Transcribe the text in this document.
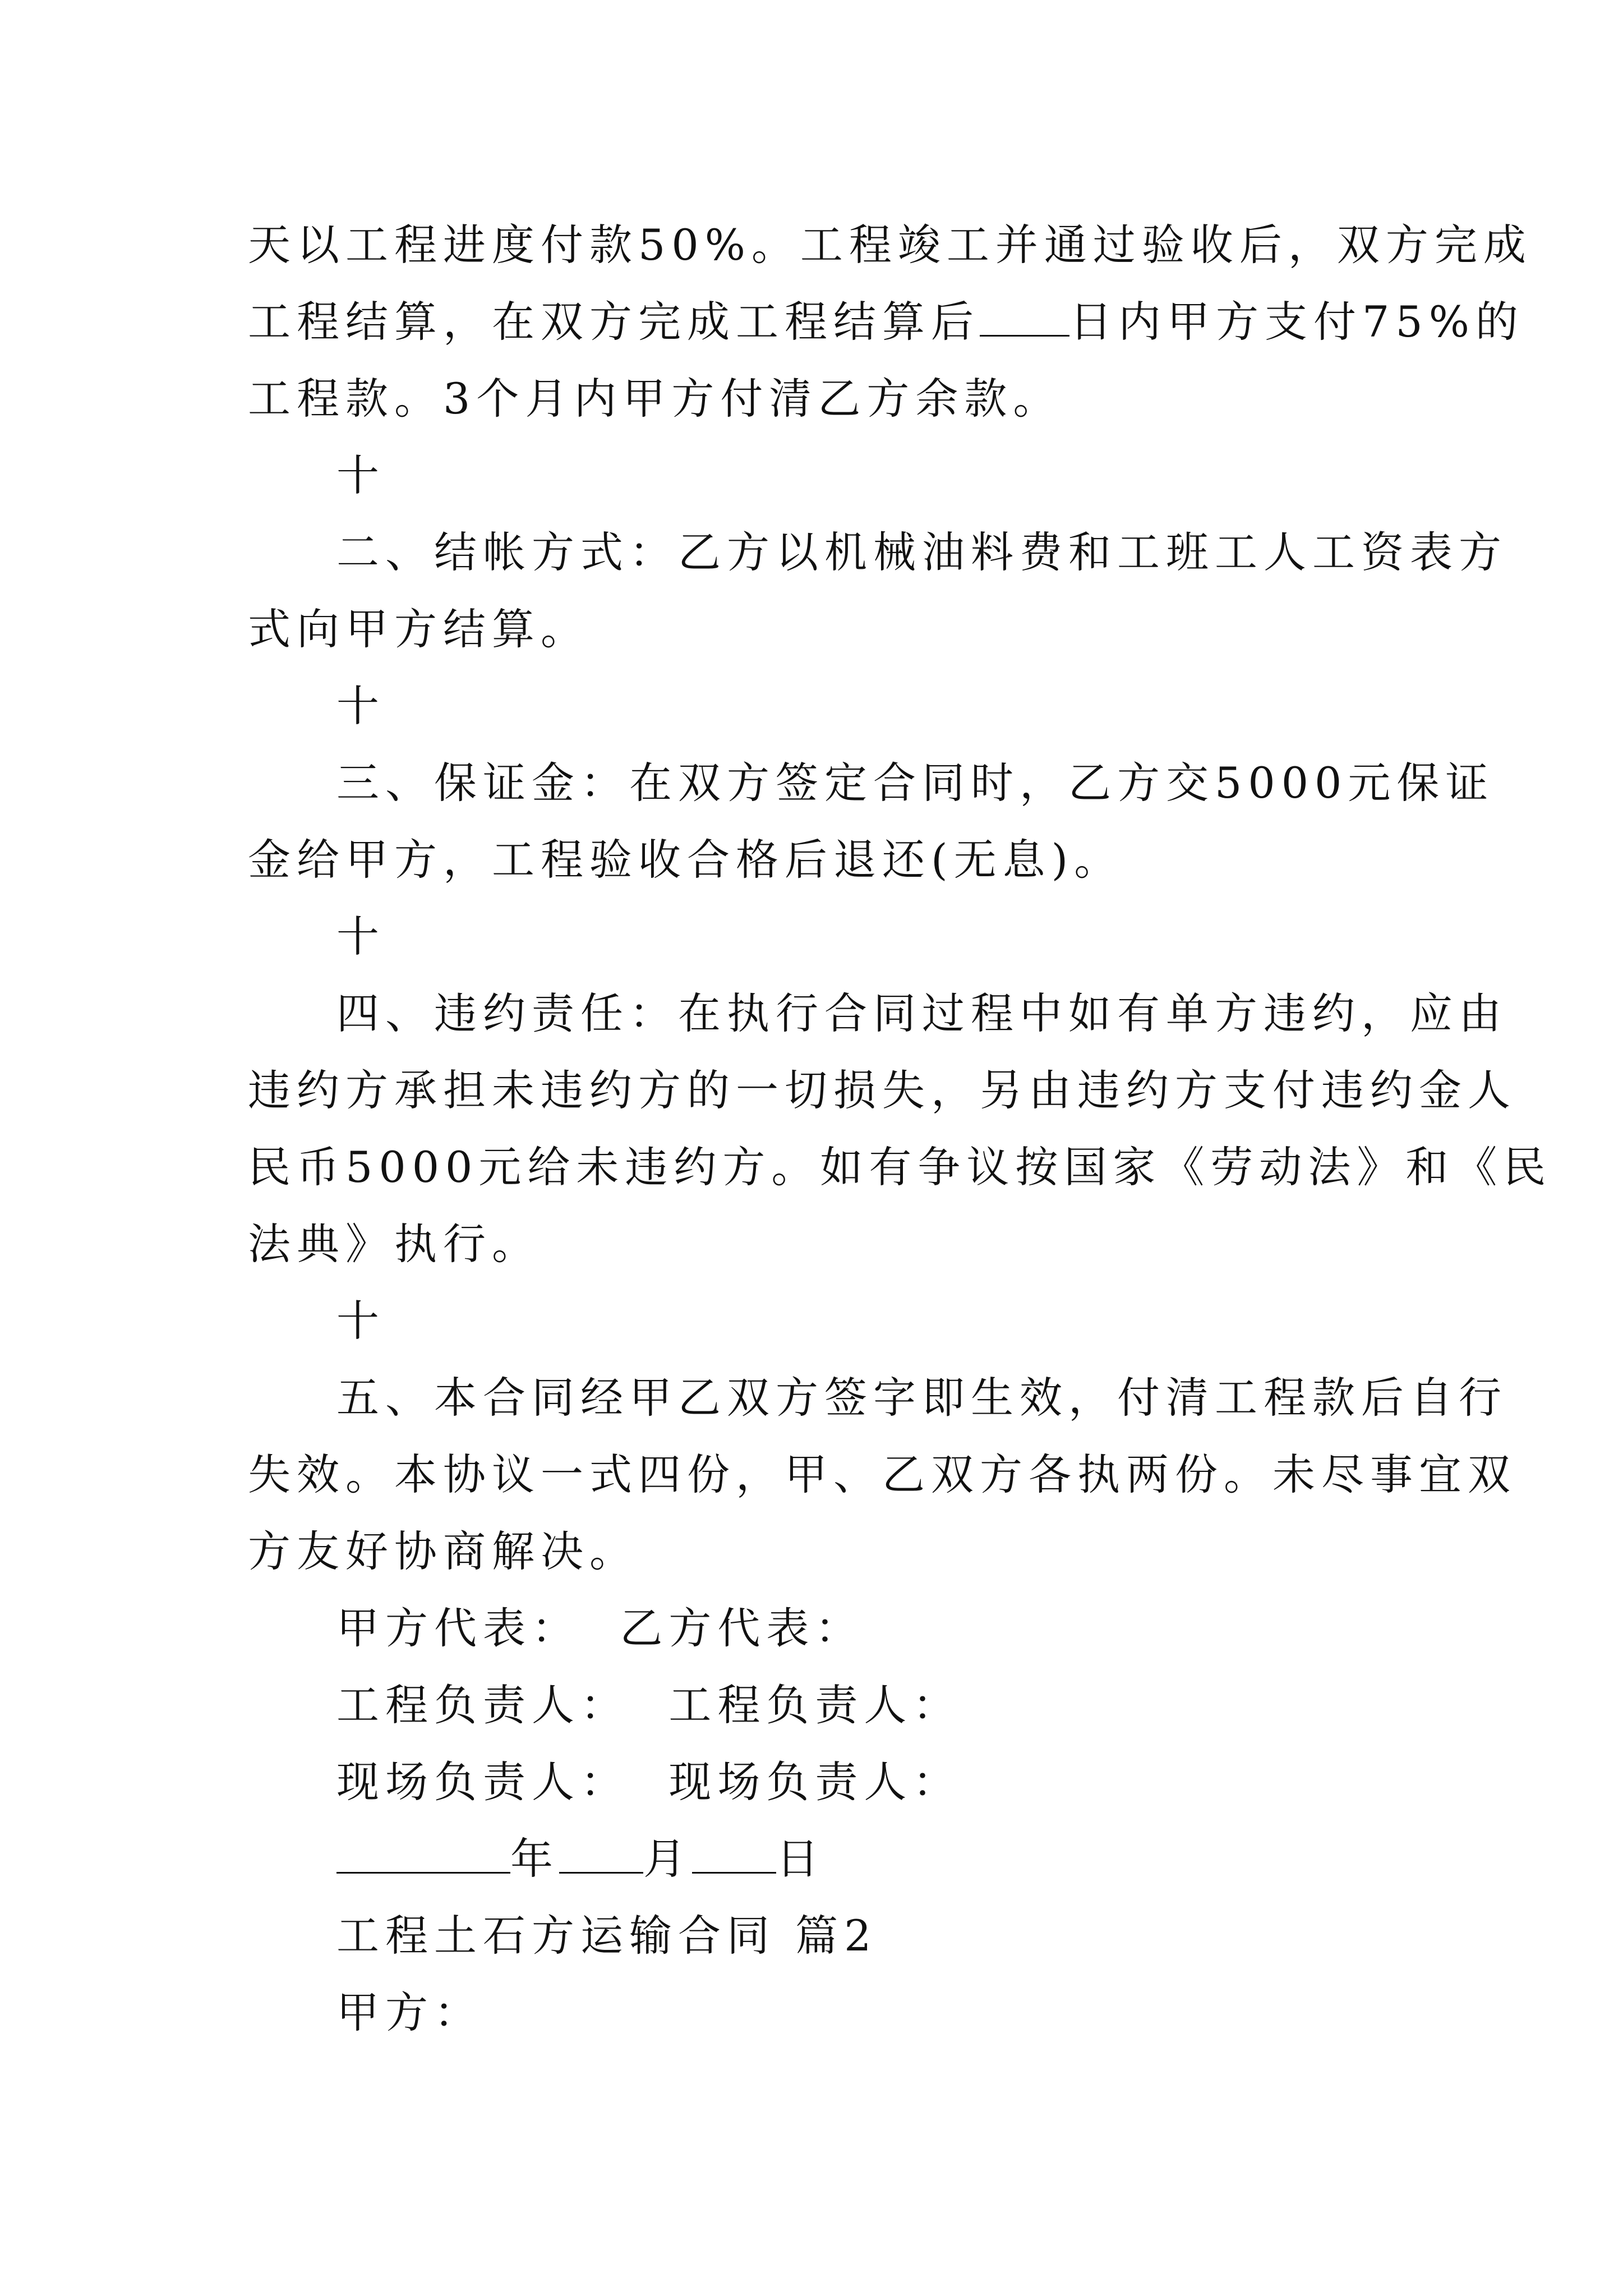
天以工程进度付款50%。工程竣工并通过验收后，双方完成
工程结算，在双方完成工程结算后 日内甲方支付75%的
工程款。3个月内甲方付清乙方余款。
十
二、结帐方式：乙方以机械油料费和工班工人工资表方
式向甲方结算。
十
三、保证金：在双方签定合同时，乙方交5000元保证
金给甲方，工程验收合格后退还(无息)。
十
四、违约责任：在执行合同过程中如有单方违约，应由
违约方承担未违约方的一切损失，另由违约方支付违约金人
民币5000元给未违约方。如有争议按国家《劳动法》和《民
法典》执行。
十
五、本合同经甲乙双方签字即生效，付清工程款后自行
失效。本协议一式四份，甲、乙双方各执两份。未尽事宜双
方友好协商解决。
甲方代表：  乙方代表：
工程负责人：  工程负责人：
现场负责人：  现场负责人：
年 月 日
工程土石方运输合同 篇2
甲方：
